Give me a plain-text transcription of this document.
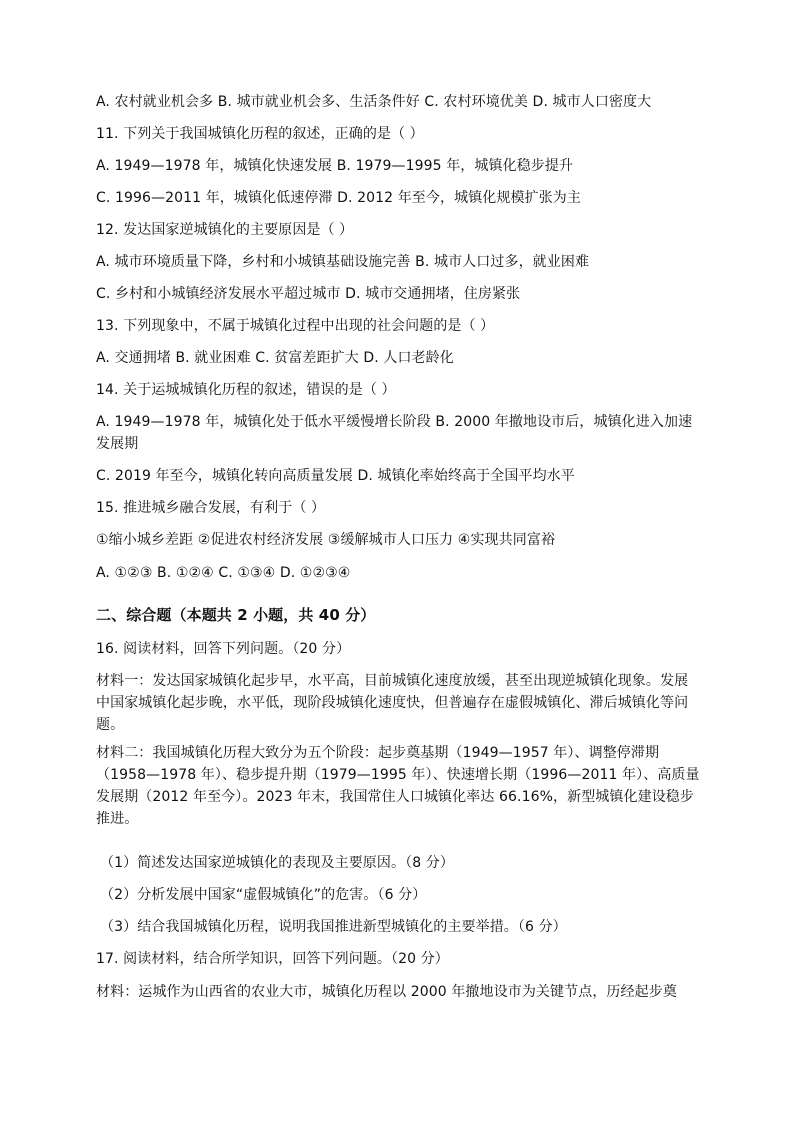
A. 农村就业机会多 B. 城市就业机会多、生活条件好 C. 农村环境优美 D. 城市人口密度大
11. 下列关于我国城镇化历程的叙述，正确的是（ ）
A. 1949—1978 年，城镇化快速发展 B. 1979—1995 年，城镇化稳步提升
C. 1996—2011 年，城镇化低速停滞 D. 2012 年至今，城镇化规模扩张为主
12. 发达国家逆城镇化的主要原因是（ ）
A. 城市环境质量下降，乡村和小城镇基础设施完善 B. 城市人口过多，就业困难
C. 乡村和小城镇经济发展水平超过城市 D. 城市交通拥堵，住房紧张
13. 下列现象中，不属于城镇化过程中出现的社会问题的是（ ）
A. 交通拥堵 B. 就业困难 C. 贫富差距扩大 D. 人口老龄化
14. 关于运城城镇化历程的叙述，错误的是（ ）
A. 1949—1978 年，城镇化处于低水平缓慢增长阶段 B. 2000 年撤地设市后，城镇化进入加速发展期
C. 2019 年至今，城镇化转向高质量发展 D. 城镇化率始终高于全国平均水平
15. 推进城乡融合发展，有利于（ ）
①缩小城乡差距 ②促进农村经济发展 ③缓解城市人口压力 ④实现共同富裕
A. ①②③ B. ①②④ C. ①③④ D. ①②③④
二、综合题（本题共 2 小题，共 40 分）
16. 阅读材料，回答下列问题。（20 分）
材料一：发达国家城镇化起步早，水平高，目前城镇化速度放缓，甚至出现逆城镇化现象。发展中国家城镇化起步晚，水平低，现阶段城镇化速度快，但普遍存在虚假城镇化、滞后城镇化等问题。
材料二：我国城镇化历程大致分为五个阶段：起步奠基期（1949—1957 年）、调整停滞期（1958—1978 年）、稳步提升期（1979—1995 年）、快速增长期（1996—2011 年）、高质量发展期（2012 年至今）。2023 年末，我国常住人口城镇化率达 66.16%，新型城镇化建设稳步推进。
（1）简述发达国家逆城镇化的表现及主要原因。（8 分）
（2）分析发展中国家“虚假城镇化”的危害。（6 分）
（3）结合我国城镇化历程，说明我国推进新型城镇化的主要举措。（6 分）
17. 阅读材料，结合所学知识，回答下列问题。（20 分）
材料：运城作为山西省的农业大市，城镇化历程以 2000 年撤地设市为关键节点，历经起步奠
